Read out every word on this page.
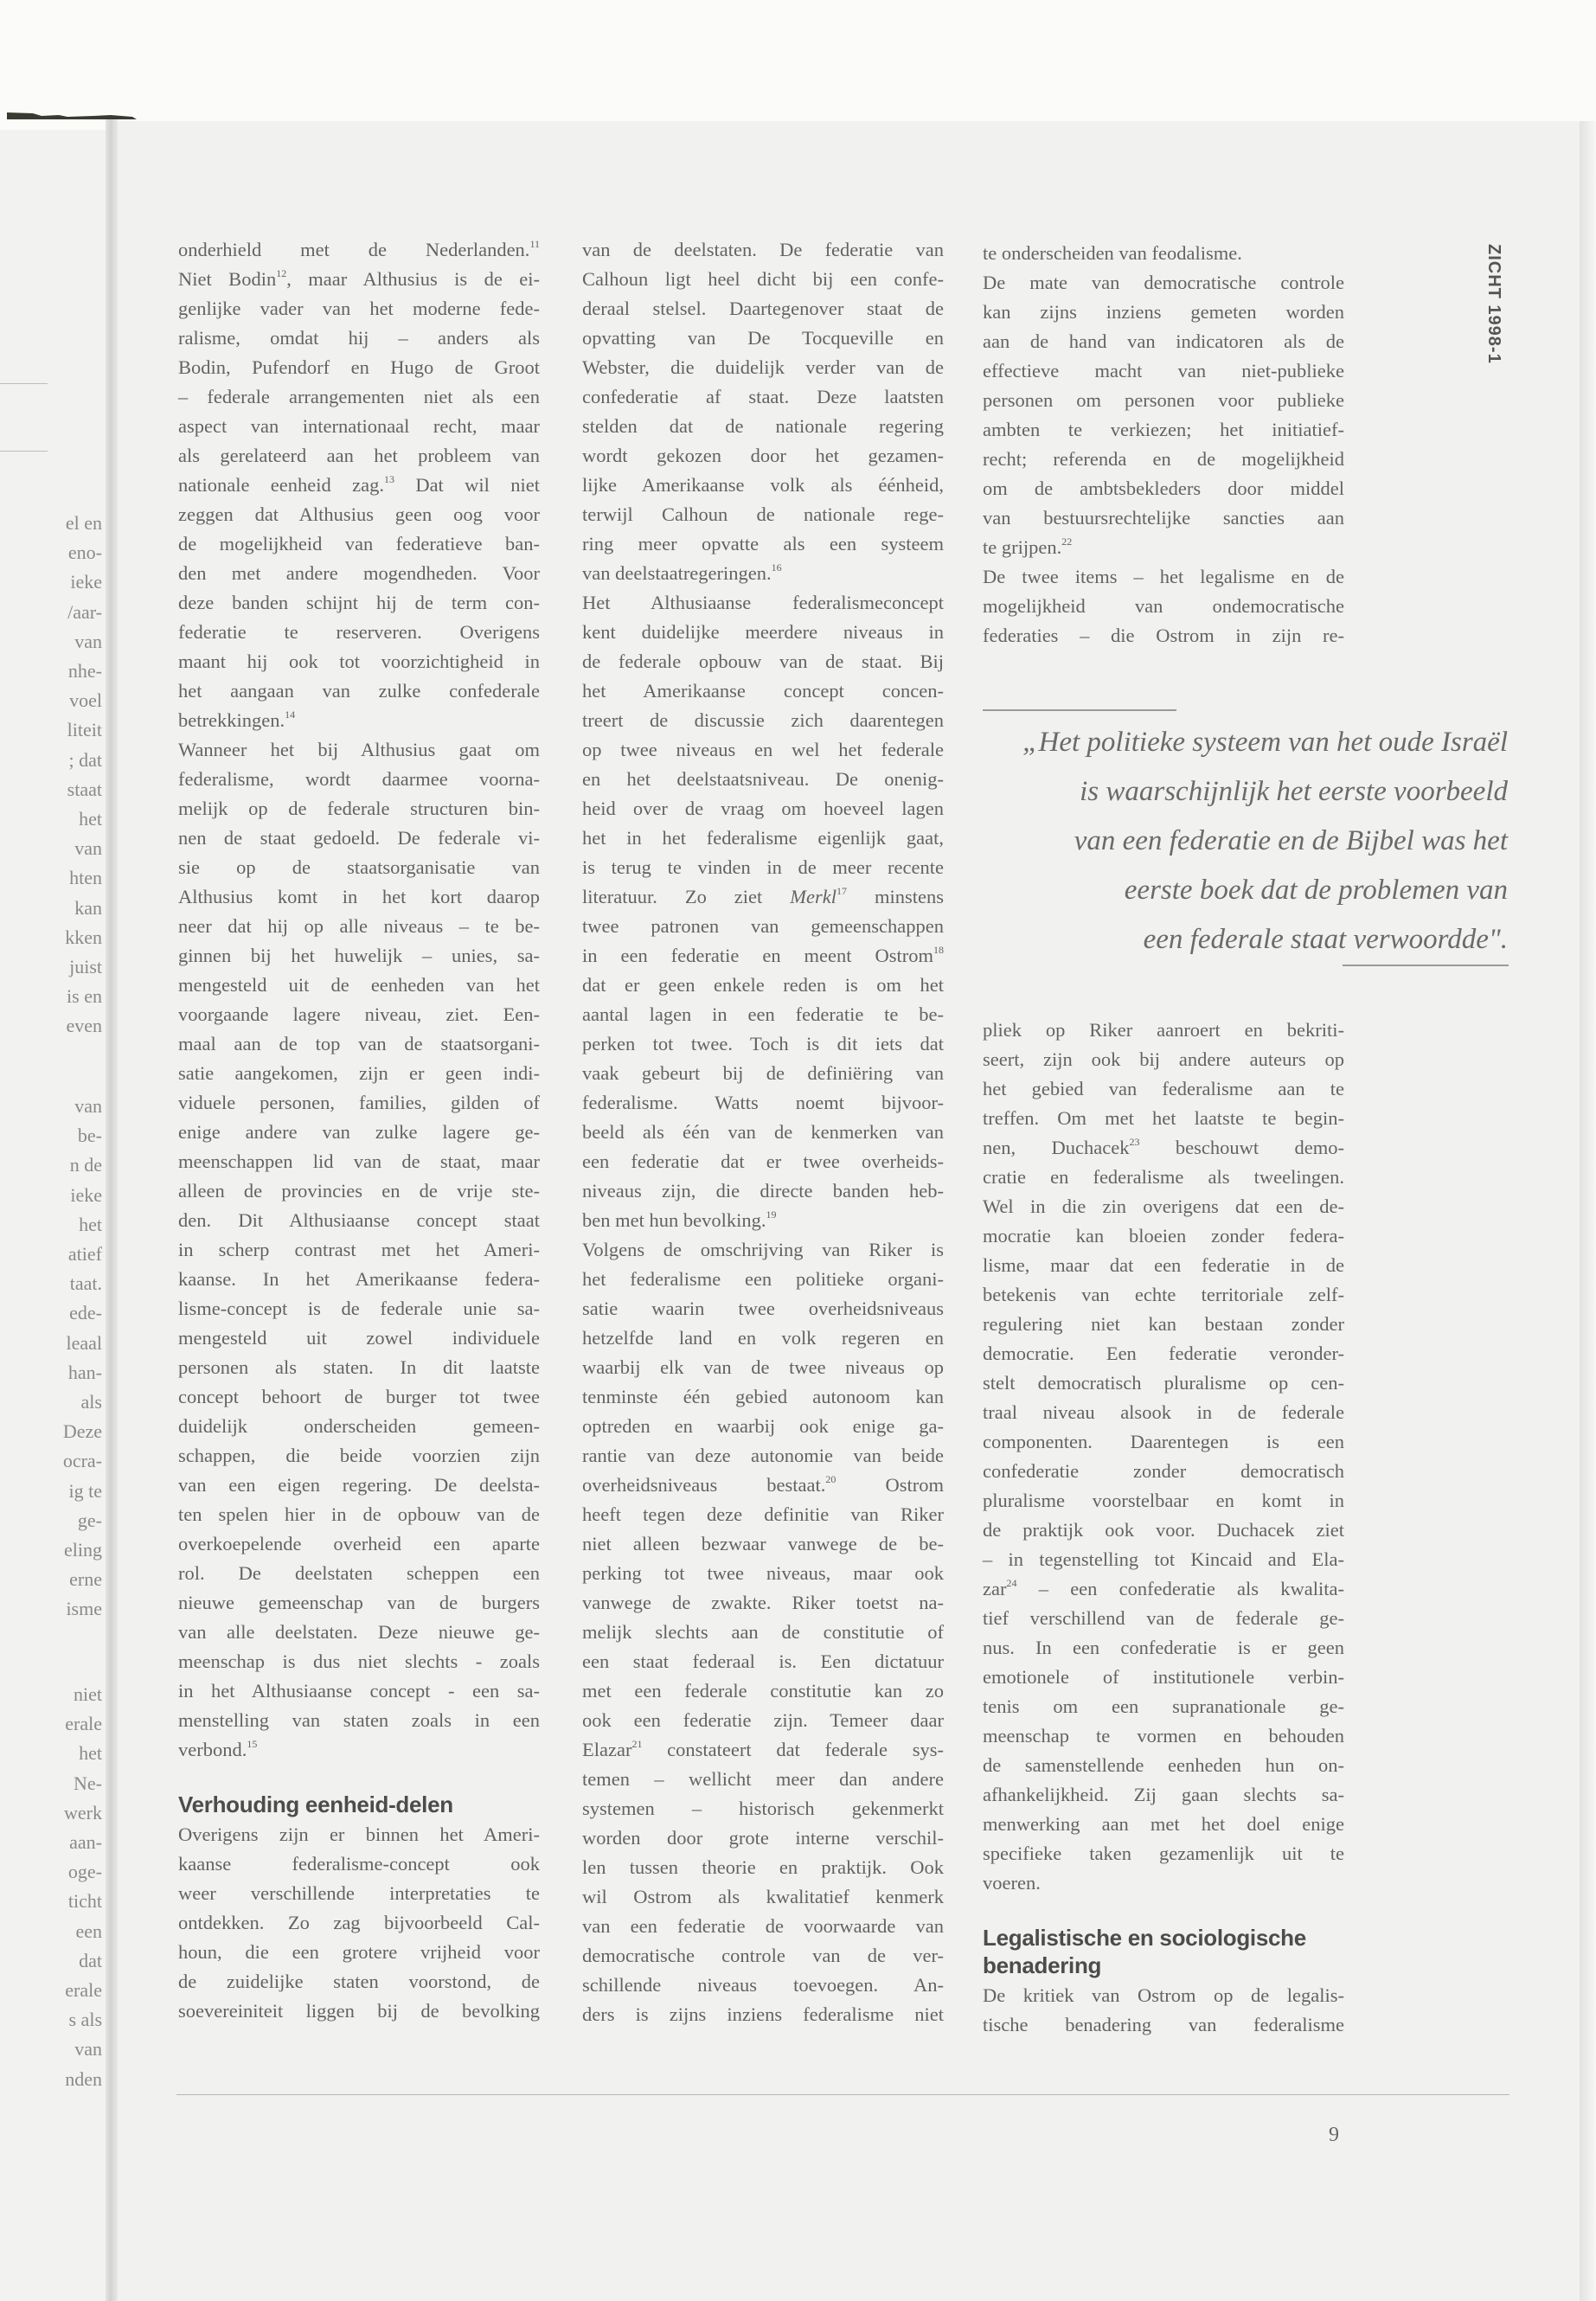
el en
eno-
ieke
/aar-
van
nhe-
voel
liteit
; dat
staat
het
van
hten
kan
kken
juist
is en
even
van
be-
n de
ieke
het
atief
taat.
ede-
leaal
han-
als
Deze
ocra-
ig te
ge-
eling
erne
isme
niet
erale
het
Ne-
werk
aan-
oge-
ticht
een
dat
erale
s als
van
nden
ZICHT 1998-1
onderhield met de Nederlanden.$^{11}$
Niet Bodin$^{12}$, maar Althusius is de ei-
genlijke vader van het moderne fede-
ralisme, omdat hij – anders als
Bodin, Pufendorf en Hugo de Groot
– federale arrangementen niet als een
aspect van internationaal recht, maar
als gerelateerd aan het probleem van
nationale eenheid zag.$^{13}$ Dat wil niet
zeggen dat Althusius geen oog voor
de mogelijkheid van federatieve ban-
den met andere mogendheden. Voor
deze banden schijnt hij de term con-
federatie te reserveren. Overigens
maant hij ook tot voorzichtigheid in
het aangaan van zulke confederale
betrekkingen.$^{14}$
Wanneer het bij Althusius gaat om
federalisme, wordt daarmee voorna-
melijk op de federale structuren bin-
nen de staat gedoeld. De federale vi-
sie op de staatsorganisatie van
Althusius komt in het kort daarop
neer dat hij op alle niveaus – te be-
ginnen bij het huwelijk – unies, sa-
mengesteld uit de eenheden van het
voorgaande lagere niveau, ziet. Een-
maal aan de top van de staatsorgani-
satie aangekomen, zijn er geen indi-
viduele personen, families, gilden of
enige andere van zulke lagere ge-
meenschappen lid van de staat, maar
alleen de provincies en de vrije ste-
den. Dit Althusiaanse concept staat
in scherp contrast met het Ameri-
kaanse. In het Amerikaanse federa-
lisme-concept is de federale unie sa-
mengesteld uit zowel individuele
personen als staten. In dit laatste
concept behoort de burger tot twee
duidelijk onderscheiden gemeen-
schappen, die beide voorzien zijn
van een eigen regering. De deelsta-
ten spelen hier in de opbouw van de
overkoepelende overheid een aparte
rol. De deelstaten scheppen een
nieuwe gemeenschap van de burgers
van alle deelstaten. Deze nieuwe ge-
meenschap is dus niet slechts - zoals
in het Althusiaanse concept - een sa-
menstelling van staten zoals in een
verbond.$^{15}$
Verhouding eenheid-delen
Overigens zijn er binnen het Ameri-
kaanse federalisme-concept ook
weer verschillende interpretaties te
ontdekken. Zo zag bijvoorbeeld Cal-
houn, die een grotere vrijheid voor
de zuidelijke staten voorstond, de
soevereiniteit liggen bij de bevolking
van de deelstaten. De federatie van
Calhoun ligt heel dicht bij een confe-
deraal stelsel. Daartegenover staat de
opvatting van De Tocqueville en
Webster, die duidelijk verder van de
confederatie af staat. Deze laatsten
stelden dat de nationale regering
wordt gekozen door het gezamen-
lijke Amerikaanse volk als éénheid,
terwijl Calhoun de nationale rege-
ring meer opvatte als een systeem
van deelstaatregeringen.$^{16}$
Het Althusiaanse federalismeconcept
kent duidelijke meerdere niveaus in
de federale opbouw van de staat. Bij
het Amerikaanse concept concen-
treert de discussie zich daarentegen
op twee niveaus en wel het federale
en het deelstaatsniveau. De onenig-
heid over de vraag om hoeveel lagen
het in het federalisme eigenlijk gaat,
is terug te vinden in de meer recente
literatuur. Zo ziet Merkl$^{17}$ minstens
twee patronen van gemeenschappen
in een federatie en meent Ostrom$^{18}$
dat er geen enkele reden is om het
aantal lagen in een federatie te be-
perken tot twee. Toch is dit iets dat
vaak gebeurt bij de definiëring van
federalisme. Watts noemt bijvoor-
beeld als één van de kenmerken van
een federatie dat er twee overheids-
niveaus zijn, die directe banden heb-
ben met hun bevolking.$^{19}$
Volgens de omschrijving van Riker is
het federalisme een politieke organi-
satie waarin twee overheidsniveaus
hetzelfde land en volk regeren en
waarbij elk van de twee niveaus op
tenminste één gebied autonoom kan
optreden en waarbij ook enige ga-
rantie van deze autonomie van beide
overheidsniveaus bestaat.$^{20}$ Ostrom
heeft tegen deze definitie van Riker
niet alleen bezwaar vanwege de be-
perking tot twee niveaus, maar ook
vanwege de zwakte. Riker toetst na-
melijk slechts aan de constitutie of
een staat federaal is. Een dictatuur
met een federale constitutie kan zo
ook een federatie zijn. Temeer daar
Elazar$^{21}$ constateert dat federale sys-
temen – wellicht meer dan andere
systemen – historisch gekenmerkt
worden door grote interne verschil-
len tussen theorie en praktijk. Ook
wil Ostrom als kwalitatief kenmerk
van een federatie de voorwaarde van
democratische controle van de ver-
schillende niveaus toevoegen. An-
ders is zijns inziens federalisme niet
te onderscheiden van feodalisme.
De mate van democratische controle
kan zijns inziens gemeten worden
aan de hand van indicatoren als de
effectieve macht van niet-publieke
personen om personen voor publieke
ambten te verkiezen; het initiatief-
recht; referenda en de mogelijkheid
om de ambtsbekleders door middel
van bestuursrechtelijke sancties aan
te grijpen.$^{22}$
De twee items – het legalisme en de
mogelijkheid van ondemocratische
federaties – die Ostrom in zijn re-
pliek op Riker aanroert en bekriti-
seert, zijn ook bij andere auteurs op
het gebied van federalisme aan te
treffen. Om met het laatste te begin-
nen, Duchacek$^{23}$ beschouwt demo-
cratie en federalisme als tweelingen.
Wel in die zin overigens dat een de-
mocratie kan bloeien zonder federa-
lisme, maar dat een federatie in de
betekenis van echte territoriale zelf-
regulering niet kan bestaan zonder
democratie. Een federatie veronder-
stelt democratisch pluralisme op cen-
traal niveau alsook in de federale
componenten. Daarentegen is een
confederatie zonder democratisch
pluralisme voorstelbaar en komt in
de praktijk ook voor. Duchacek ziet
– in tegenstelling tot Kincaid and Ela-
zar$^{24}$ – een confederatie als kwalita-
tief verschillend van de federale ge-
nus. In een confederatie is er geen
emotionele of institutionele verbin-
tenis om een supranationale ge-
meenschap te vormen en behouden
de samenstellende eenheden hun on-
afhankelijkheid. Zij gaan slechts sa-
menwerking aan met het doel enige
specifieke taken gezamenlijk uit te
voeren.
Legalistische en sociologische
benadering
De kritiek van Ostrom op de legalis-
tische benadering van federalisme
„Het politieke systeem van het oude Israël
is waarschijnlijk het eerste voorbeeld
van een federatie en de Bijbel was het
eerste boek dat de problemen van
een federale staat verwoordde".
9
